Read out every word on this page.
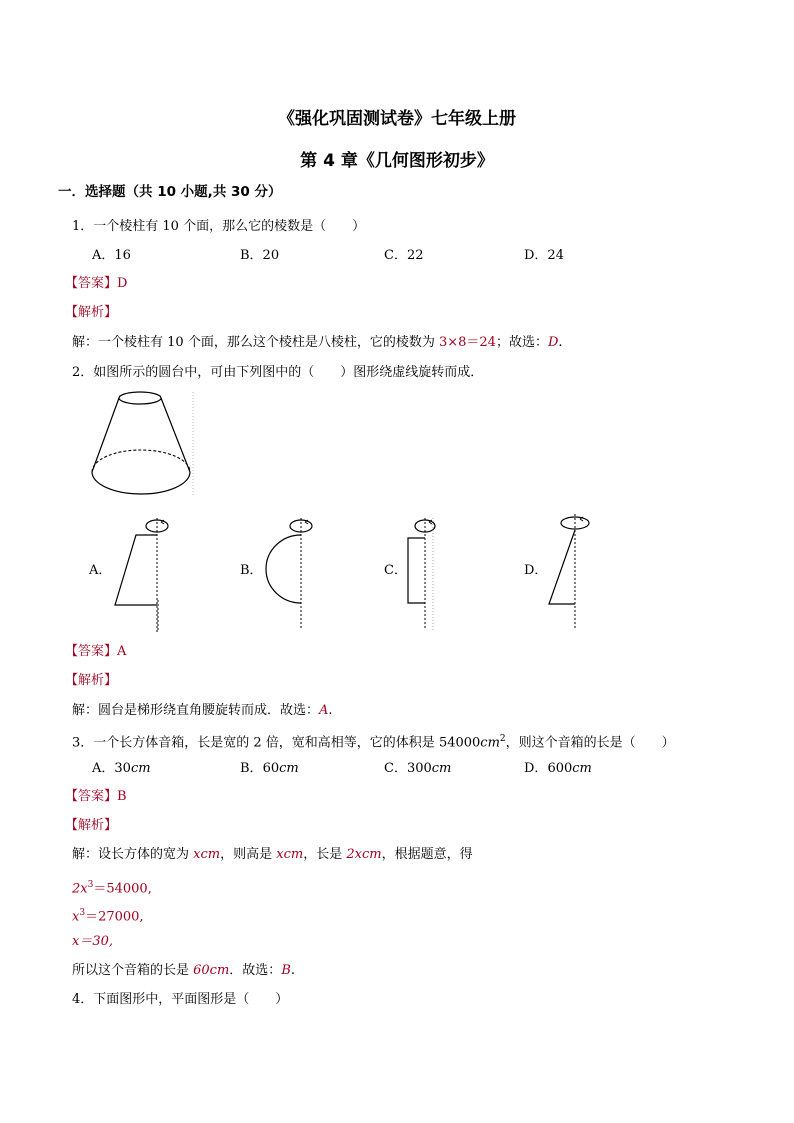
《强化巩固测试卷》七年级上册
第 4 章《几何图形初步》
一．选择题（共 10 小题,共 30 分）
1．一个棱柱有 10 个面，那么它的棱数是（　　）
A．16	B．20	C．22	D．24
【答案】D
【解析】
解：一个棱柱有 10 个面，那么这个棱柱是八棱柱，它的棱数为 3×8＝24；故选：D.
2．如图所示的圆台中，可由下列图中的（　　）图形绕虚线旋转而成．
A．	B．	C．	D．
【答案】A
【解析】
解：圆台是梯形绕直角腰旋转而成．故选：A.
3．一个长方体音箱，长是宽的 2 倍，宽和高相等，它的体积是 $54000cm^2$，则这个音箱的长是（　　）
A．30cm	B．60cm	C．300cm	D．600cm
【答案】B
【解析】
解：设长方体的宽为 xcm，则高是 xcm，长是 2xcm，根据题意，得
$2x^3=54000$,
$x^3=27000$,
x＝30,
所以这个音箱的长是 60cm．故选：B.
4．下面图形中，平面图形是（　　）
